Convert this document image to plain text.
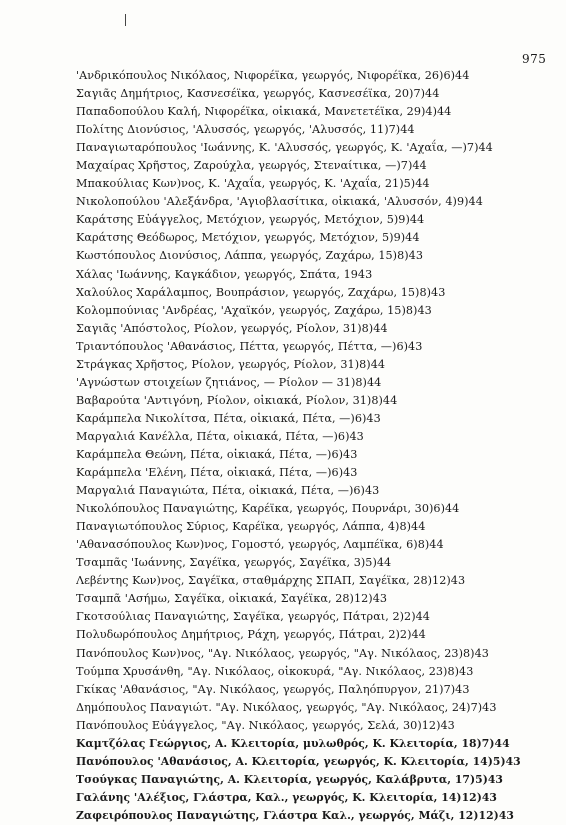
975
'Ανδρικόπουλος Νικόλαος, Νιφορέϊκα, γεωργός, Νιφορέϊκα, 26)6)44
Σαγιᾶς Δημήτριος, Κασνεσέϊκα, γεωργός, Κασνεσέϊκα, 20)7)44
Παπαδοπούλου Καλή, Νιφορέϊκα, οἰκιακά, Μανετετέϊκα, 29)4)44
Πολίτης Διονύσιος, 'Αλυσσός, γεωργός, 'Αλυσσός, 11)7)44
Παναγιωταρόπουλος 'Ιωάννης, Κ. 'Αλυσσός, γεωργός, Κ. 'Αχαΐα, —)7)44
Μαχαίρας Χρῆστος, Ζαρούχλα, γεωργός, Στεναίτικα, —)7)44
Μπακούλιας Κων)νος, Κ. 'Αχαΐα, γεωργός, Κ. 'Αχαΐα, 21)5)44
Νικολοπούλου 'Αλεξάνδρα, 'Αγιοβλασίτικα, οἰκιακά, 'Αλυσσόν, 4)9)44
Καράτσης Εὐάγγελος, Μετόχιον, γεωργός, Μετόχιον, 5)9)44
Καράτσης Θεόδωρος, Μετόχιον, γεωργός, Μετόχιον, 5)9)44
Κωστόπουλος Διονύσιος, Λάππα, γεωργός, Ζαχάρω, 15)8)43
Χάλας 'Ιωάννης, Καγκάδιον, γεωργός, Σπάτα, 1943
Χαλούλος Χαράλαμπος, Βουπράσιον, γεωργός, Ζαχάρω, 15)8)43
Κολομπούνιας 'Ανδρέας, 'Αχαϊκόν, γεωργός, Ζαχάρω, 15)8)43
Σαγιᾶς 'Απόστολος, Ρίολον, γεωργός, Ρίολον, 31)8)44
Τριαντόπουλος 'Αθανάσιος, Πέττα, γεωργός, Πέττα, —)6)43
Στράγκας Χρῆστος, Ρίολον, γεωργός, Ρίολον, 31)8)44
'Αγνώστων στοιχείων ζητιάνος, — Ρίολον — 31)8)44
Βαβαρούτα 'Αντιγόνη, Ρίολον, οἰκιακά, Ρίολον, 31)8)44
Καράμπελα Νικολίτσα, Πέτα, οἰκιακά, Πέτα, —)6)43
Μαργαλιά Κανέλλα, Πέτα, οἰκιακά, Πέτα, —)6)43
Καράμπελα Θεώνη, Πέτα, οἰκιακά, Πέτα, —)6)43
Καράμπελα 'Ελένη, Πέτα, οἰκιακά, Πέτα, —)6)43
Μαργαλιά Παναγιώτα, Πέτα, οἰκιακά, Πέτα, —)6)43
Νικολόπουλος Παναγιώτης, Καρέϊκα, γεωργός, Πουρνάρι, 30)6)44
Παναγιωτόπουλος Σύριος, Καρέϊκα, γεωργός, Λάππα, 4)8)44
'Αθανασόπουλος Κων)νος, Γομοστό, γεωργός, Λαμπέϊκα, 6)8)44
Τσαμπᾶς 'Ιωάννης, Σαγέϊκα, γεωργός, Σαγέϊκα, 3)5)44
Λεβέντης Κων)νος, Σαγέϊκα, σταθμάρχης ΣΠΑΠ, Σαγέϊκα, 28)12)43
Τσαμπᾶ 'Ασήμω, Σαγέϊκα, οἰκιακά, Σαγέϊκα, 28)12)43
Γκοτσούλιας Παναγιώτης, Σαγέϊκα, γεωργός, Πάτραι, 2)2)44
Πολυδωρόπουλος Δημήτριος, Ράχη, γεωργός, Πάτραι, 2)2)44
Πανόπουλος Κων)νος, "Αγ. Νικόλαος, γεωργός, "Αγ. Νικόλαος, 23)8)43
Τούμπα Χρυσάνθη, "Αγ. Νικόλαος, οἰκοκυρά, "Αγ. Νικόλαος, 23)8)43
Γκίκας 'Αθανάσιος, "Αγ. Νικόλαος, γεωργός, Παληόπυργον, 21)7)43
Δημόπουλος Παναγιώτ. "Αγ. Νικόλαος, γεωργός, "Αγ. Νικόλαος, 24)7)43
Πανόπουλος Εὐάγγελος, "Αγ. Νικόλαος, γεωργός, Σελά, 30)12)43
Καμτζόλας Γεώργιος, Α. Κλειτορία, μυλωθρός, Κ. Κλειτορία, 18)7)44
Πανόπουλος 'Αθανάσιος, Α. Κλειτορία, γεωργός, Κ. Κλειτορία, 14)5)43
Τσούγκας Παναγιώτης, Α. Κλειτορία, γεωργός, Καλάβρυτα, 17)5)43
Γαλάνης 'Αλέξιος, Γλάστρα, Καλ., γεωργός, Κ. Κλειτορία, 14)12)43
Ζαφειρόπουλος Παναγιώτης, Γλάστρα Καλ., γεωργός, Μάζι, 12)12)43
